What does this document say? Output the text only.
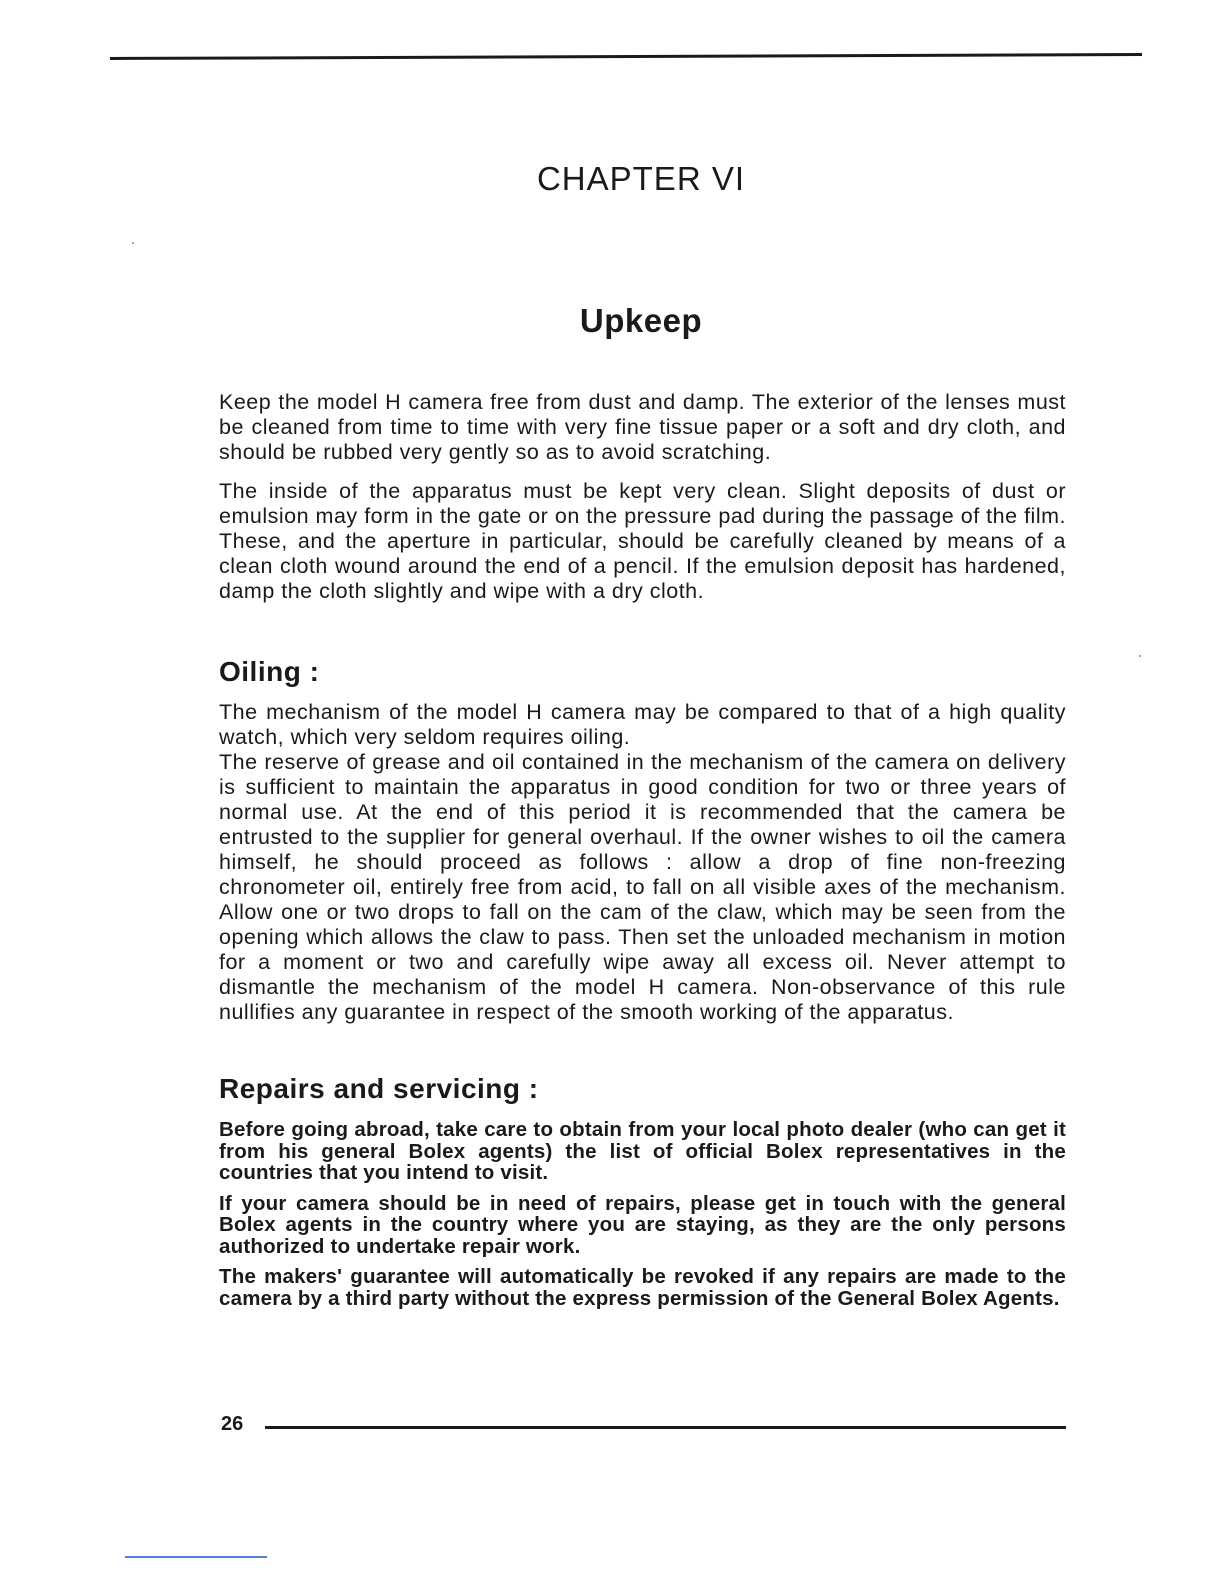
CHAPTER VI
Upkeep

Keep the model H camera free from dust and damp. The exterior of the lenses must be cleaned from time to time with very fine tissue paper or a soft and dry cloth, and should be rubbed very gently so as to avoid scratching.

The inside of the apparatus must be kept very clean. Slight deposits of dust or emulsion may form in the gate or on the pressure pad during the passage of the film. These, and the aperture in particular, should be carefully cleaned by means of a clean cloth wound around the end of a pencil. If the emulsion deposit has hardened, damp the cloth slightly and wipe with a dry cloth.

Oiling :

The mechanism of the model H camera may be compared to that of a high quality watch, which very seldom requires oiling.

The reserve of grease and oil contained in the mechanism of the camera on delivery is sufficient to maintain the apparatus in good condition for two or three years of normal use. At the end of this period it is recommended that the camera be entrusted to the supplier for general overhaul. If the owner wishes to oil the camera himself, he should proceed as follows : allow a drop of fine non-freezing chronometer oil, entirely free from acid, to fall on all visible axes of the mechanism. Allow one or two drops to fall on the cam of the claw, which may be seen from the opening which allows the claw to pass. Then set the unloaded mechanism in motion for a moment or two and carefully wipe away all excess oil. Never attempt to dismantle the mechanism of the model H camera. Non-observance of this rule nullifies any guarantee in respect of the smooth working of the apparatus.

Repairs and servicing :

Before going abroad, take care to obtain from your local photo dealer (who can get it from his general Bolex agents) the list of official Bolex representatives in the countries that you intend to visit.

If your camera should be in need of repairs, please get in touch with the general Bolex agents in the country where you are staying, as they are the only persons authorized to undertake repair work.

The makers' guarantee will automatically be revoked if any repairs are made to the camera by a third party without the express permission of the General Bolex Agents.

26
